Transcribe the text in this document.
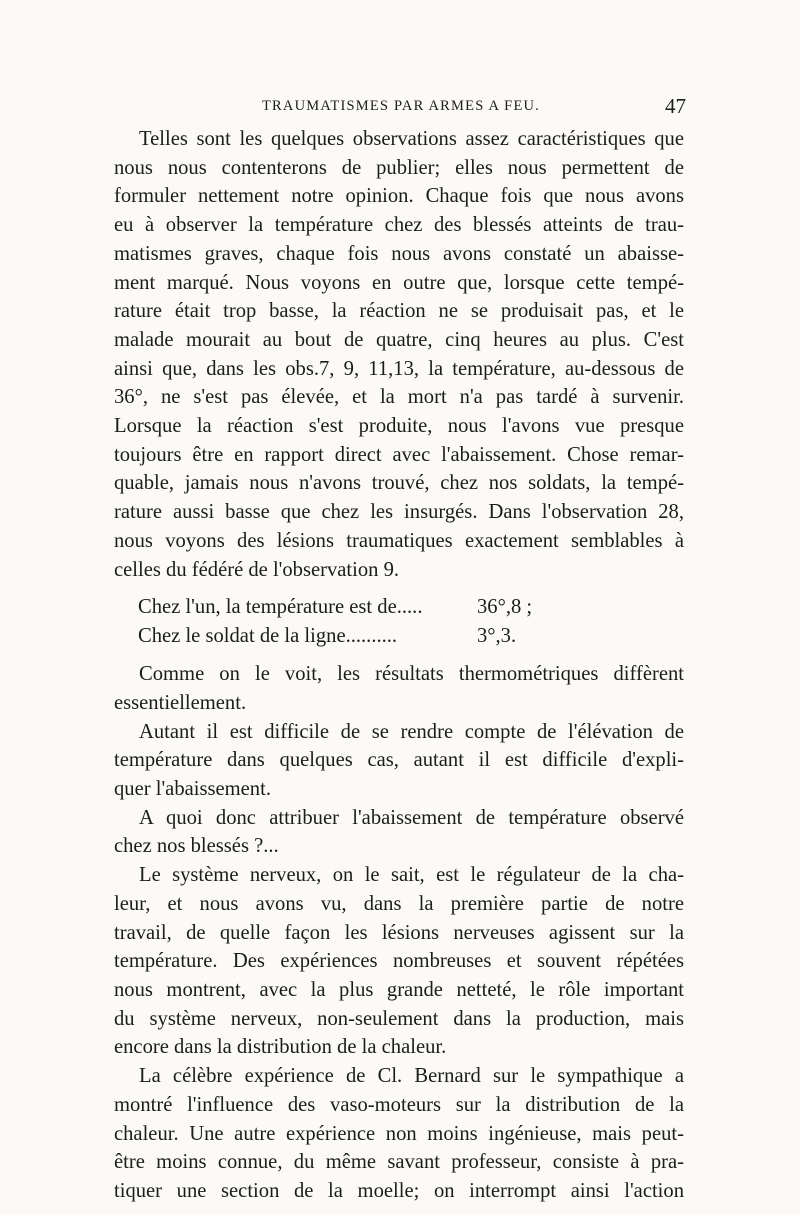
TRAUMATISMES PAR ARMES A FEU.	47

Telles sont les quelques observations assez caractéristiques que
nous nous contenterons de publier; elles nous permettent de
formuler nettement notre opinion. Chaque fois que nous avons
eu à observer la température chez des blessés atteints de trau-
matismes graves, chaque fois nous avons constaté un abaisse-
ment marqué. Nous voyons en outre que, lorsque cette tempé-
rature était trop basse, la réaction ne se produisait pas, et le
malade mourait au bout de quatre, cinq heures au plus. C'est
ainsi que, dans les obs.7, 9, 11,13, la température, au-dessous de
36°, ne s'est pas élevée, et la mort n'a pas tardé à survenir.
Lorsque la réaction s'est produite, nous l'avons vue presque
toujours être en rapport direct avec l'abaissement. Chose remar-
quable, jamais nous n'avons trouvé, chez nos soldats, la tempé-
rature aussi basse que chez les insurgés. Dans l'observation 28,
nous voyons des lésions traumatiques exactement semblables à
celles du fédéré de l'observation 9.

Chez l'un, la température est de.....	36°,8 ;
Chez le soldat de la ligne..........	3°,3.

Comme on le voit, les résultats thermométriques diffèrent
essentiellement.

Autant il est difficile de se rendre compte de l'élévation de
température dans quelques cas, autant il est difficile d'expli-
quer l'abaissement.

A quoi donc attribuer l'abaissement de température observé
chez nos blessés ?...

Le système nerveux, on le sait, est le régulateur de la cha-
leur, et nous avons vu, dans la première partie de notre
travail, de quelle façon les lésions nerveuses agissent sur la
température. Des expériences nombreuses et souvent répétées
nous montrent, avec la plus grande netteté, le rôle important
du système nerveux, non-seulement dans la production, mais
encore dans la distribution de la chaleur.

La célèbre expérience de Cl. Bernard sur le sympathique a
montré l'influence des vaso-moteurs sur la distribution de la
chaleur. Une autre expérience non moins ingénieuse, mais peut-
être moins connue, du même savant professeur, consiste à pra-
tiquer une section de la moelle; on interrompt ainsi l'action
